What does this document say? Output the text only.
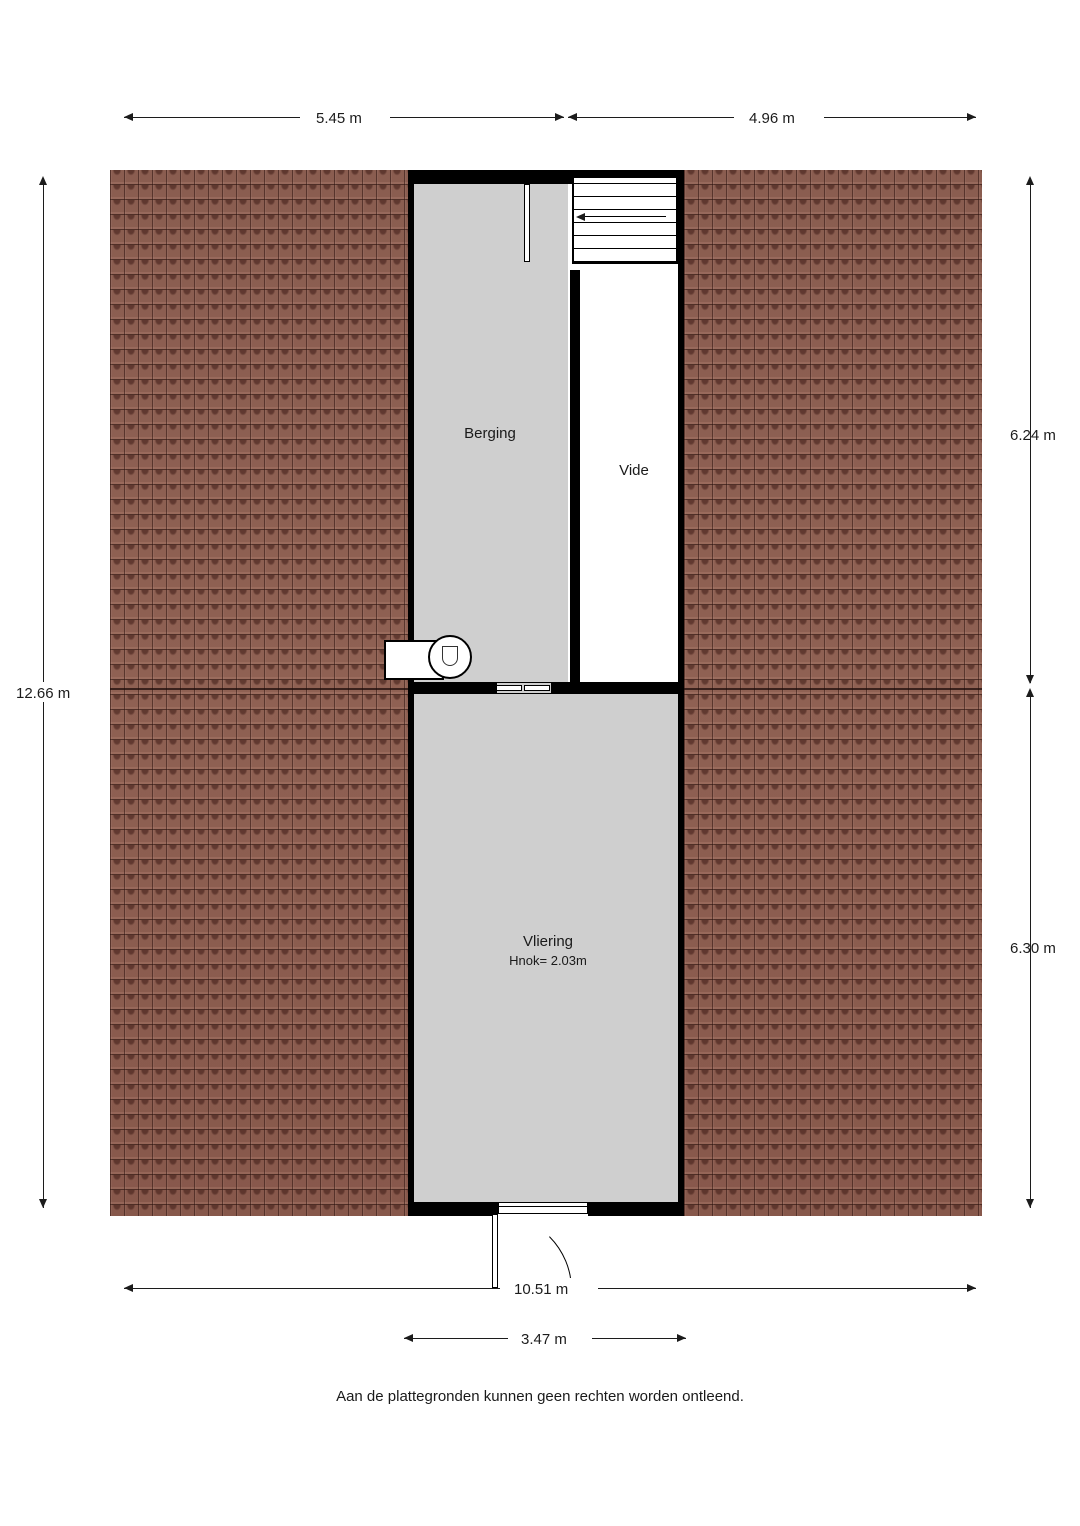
5.45 m	4.96 m
12.66 m
6.24 m
6.30 m
Berging
Vide
Vliering
Hnok= 2.03m
10.51 m
3.47 m
Aan de plattegronden kunnen geen rechten worden ontleend.
